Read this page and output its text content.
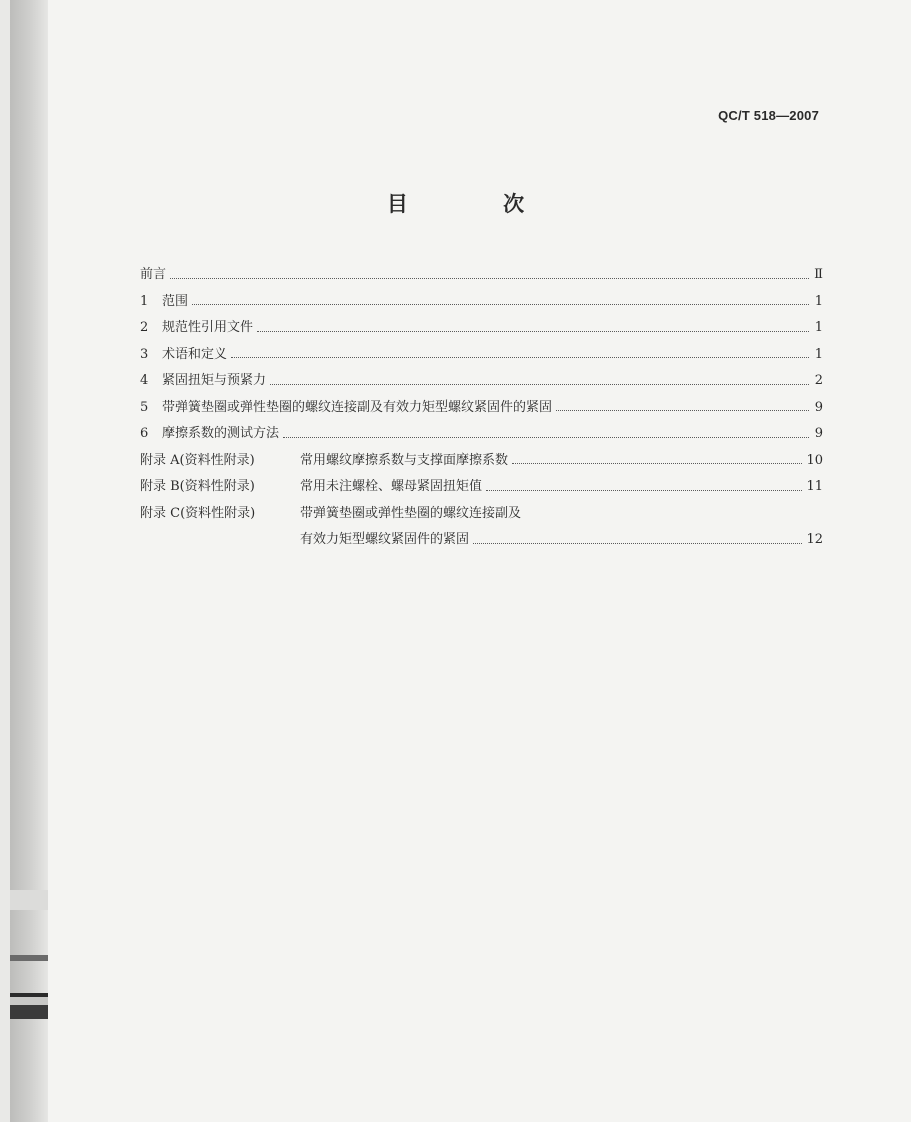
QC/T 518—2007
目 次
前言	Ⅱ
1	范围	1
2	规范性引用文件	1
3	术语和定义	1
4	紧固扭矩与预紧力	2
5	带弹簧垫圈或弹性垫圈的螺纹连接副及有效力矩型螺纹紧固件的紧固	9
6	摩擦系数的测试方法	9
附录 A(资料性附录)	常用螺纹摩擦系数与支撑面摩擦系数	10
附录 B(资料性附录)	常用未注螺栓、螺母紧固扭矩值	11
附录 C(资料性附录)	带弹簧垫圈或弹性垫圈的螺纹连接副及
有效力矩型螺纹紧固件的紧固	12
